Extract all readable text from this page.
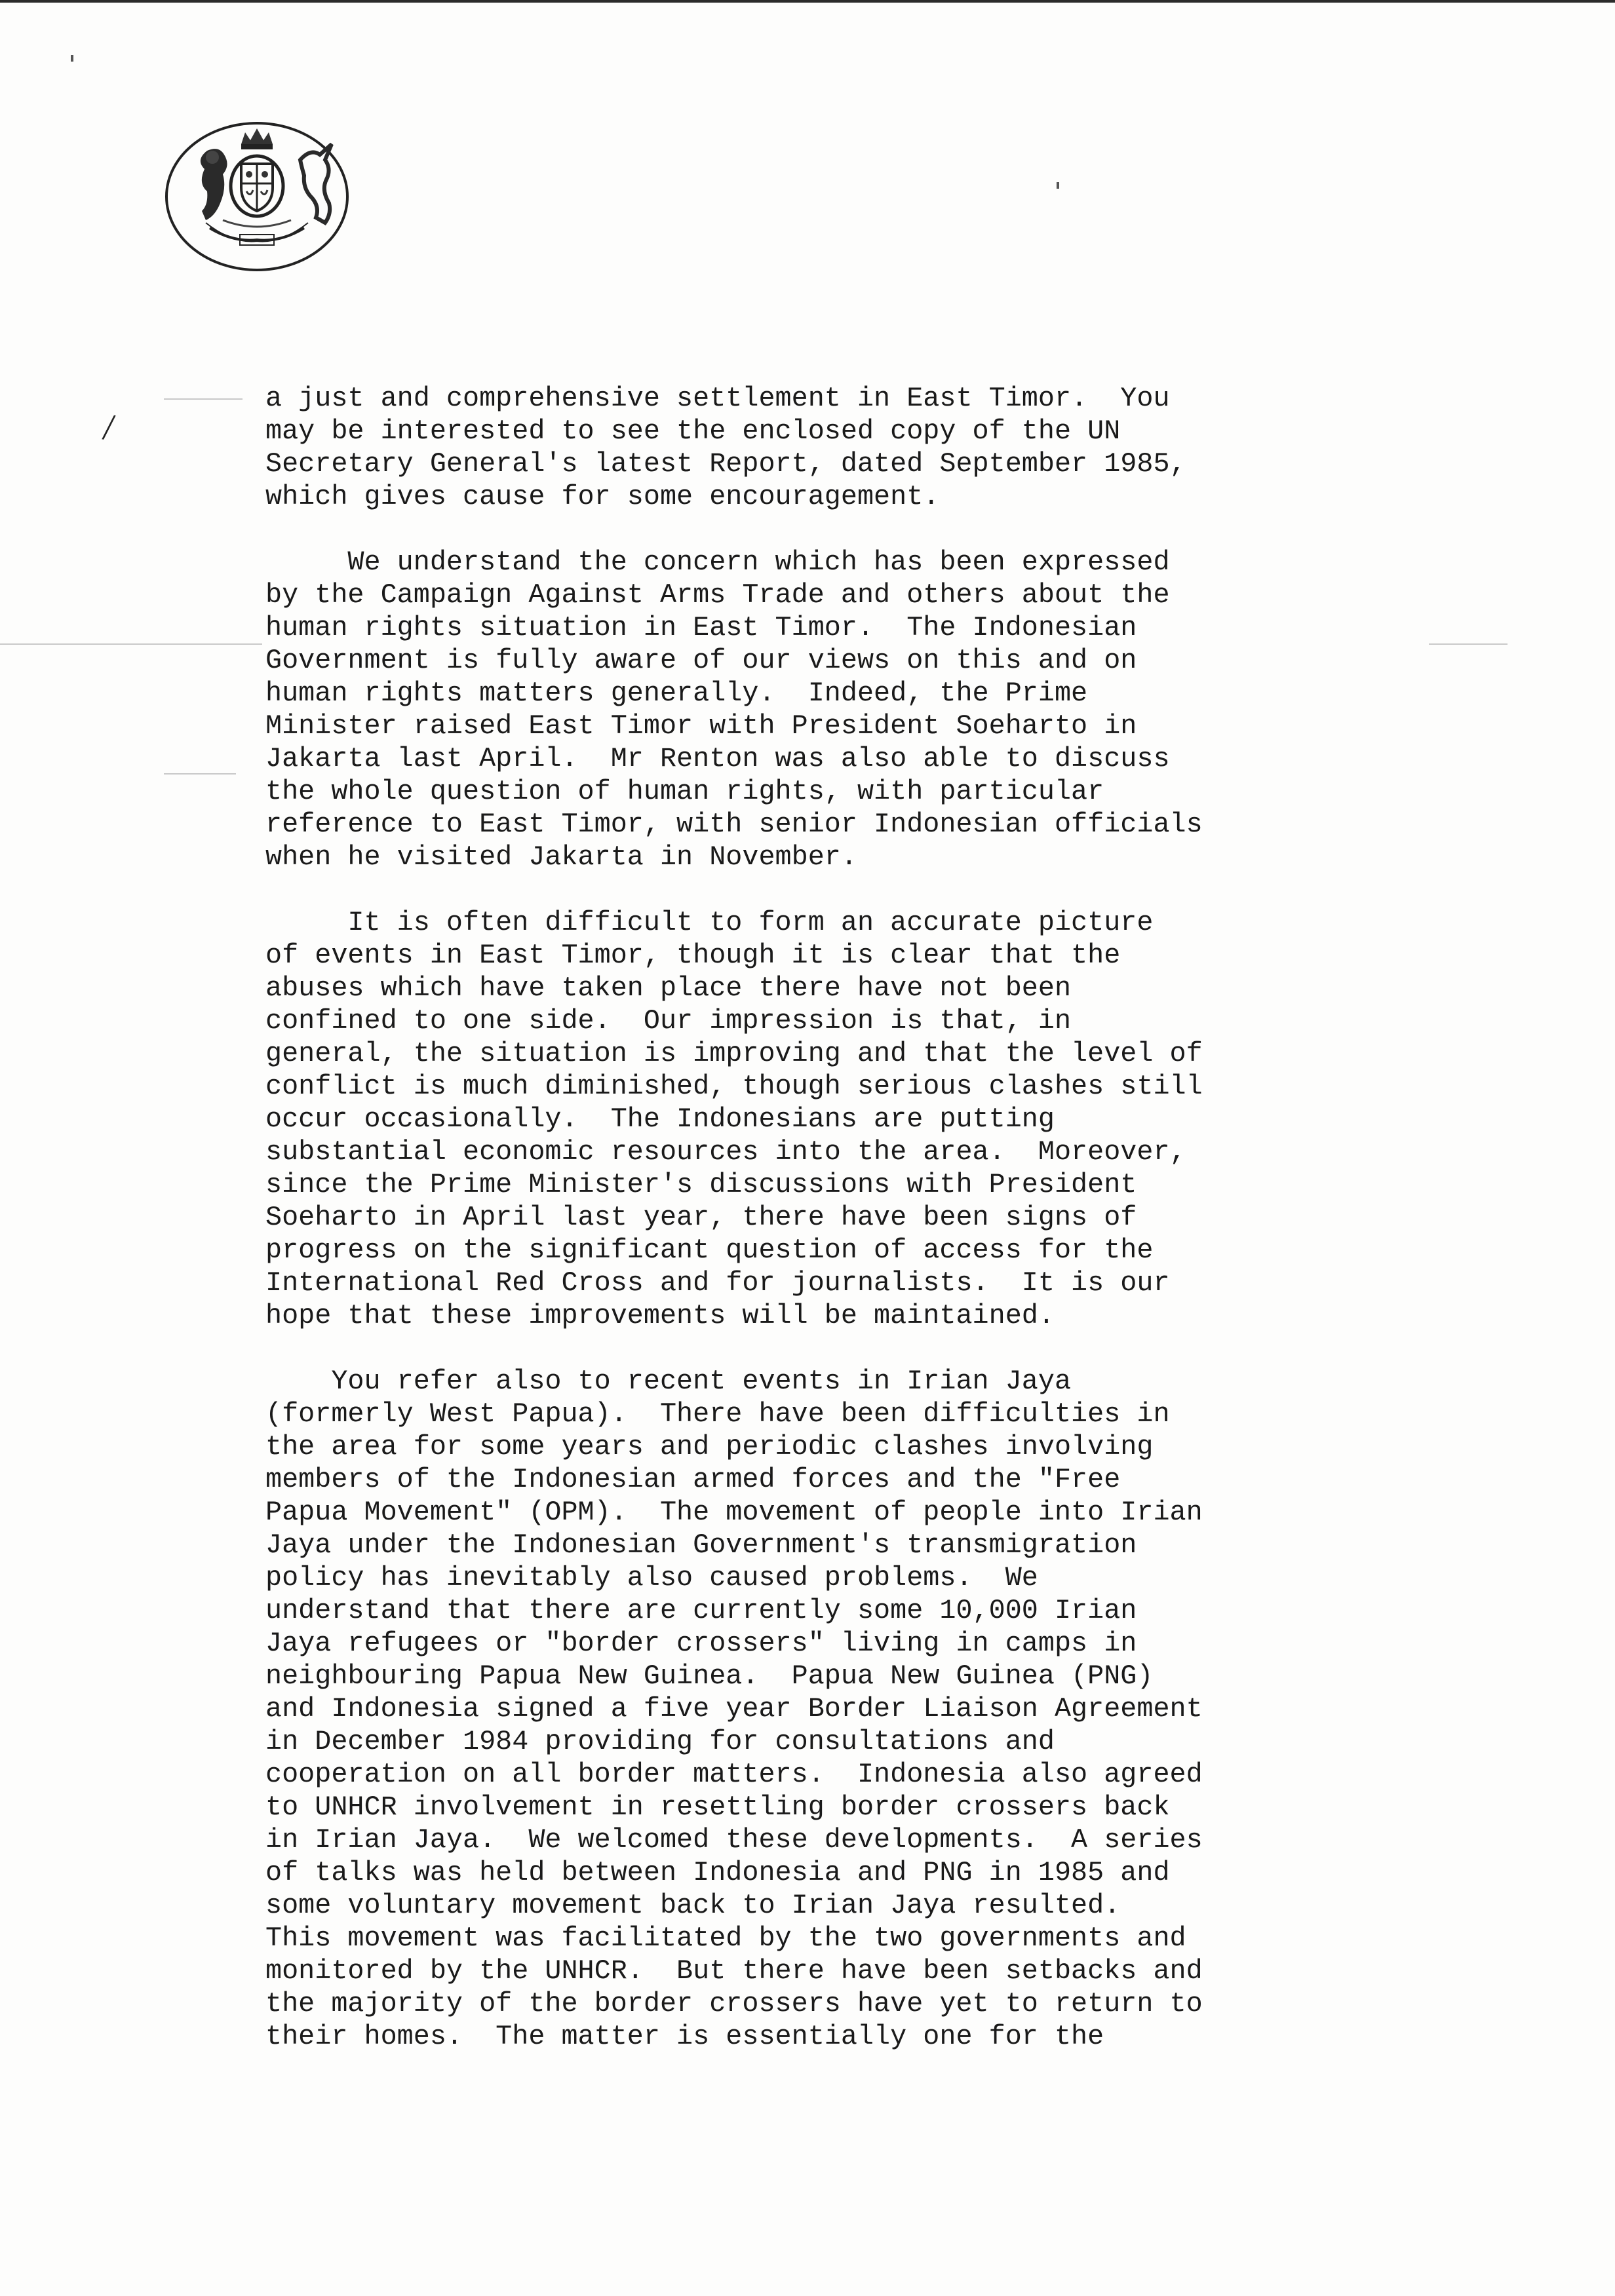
/
a just and comprehensive settlement in East Timor.  You
may be interested to see the enclosed copy of the UN
Secretary General's latest Report, dated September 1985,
which gives cause for some encouragement.
We understand the concern which has been expressed
by the Campaign Against Arms Trade and others about the
human rights situation in East Timor.  The Indonesian
Government is fully aware of our views on this and on
human rights matters generally.  Indeed, the Prime
Minister raised East Timor with President Soeharto in
Jakarta last April.  Mr Renton was also able to discuss
the whole question of human rights, with particular
reference to East Timor, with senior Indonesian officials
when he visited Jakarta in November.
It is often difficult to form an accurate picture
of events in East Timor, though it is clear that the
abuses which have taken place there have not been
confined to one side.  Our impression is that, in
general, the situation is improving and that the level of
conflict is much diminished, though serious clashes still
occur occasionally.  The Indonesians are putting
substantial economic resources into the area.  Moreover,
since the Prime Minister's discussions with President
Soeharto in April last year, there have been signs of
progress on the significant question of access for the
International Red Cross and for journalists.  It is our
hope that these improvements will be maintained.
You refer also to recent events in Irian Jaya
(formerly West Papua).  There have been difficulties in
the area for some years and periodic clashes involving
members of the Indonesian armed forces and the "Free
Papua Movement" (OPM).  The movement of people into Irian
Jaya under the Indonesian Government's transmigration
policy has inevitably also caused problems.  We
understand that there are currently some 10,000 Irian
Jaya refugees or "border crossers" living in camps in
neighbouring Papua New Guinea.  Papua New Guinea (PNG)
and Indonesia signed a five year Border Liaison Agreement
in December 1984 providing for consultations and
cooperation on all border matters.  Indonesia also agreed
to UNHCR involvement in resettling border crossers back
in Irian Jaya.  We welcomed these developments.  A series
of talks was held between Indonesia and PNG in 1985 and
some voluntary movement back to Irian Jaya resulted.
This movement was facilitated by the two governments and
monitored by the UNHCR.  But there have been setbacks and
the majority of the border crossers have yet to return to
their homes.  The matter is essentially one for the
